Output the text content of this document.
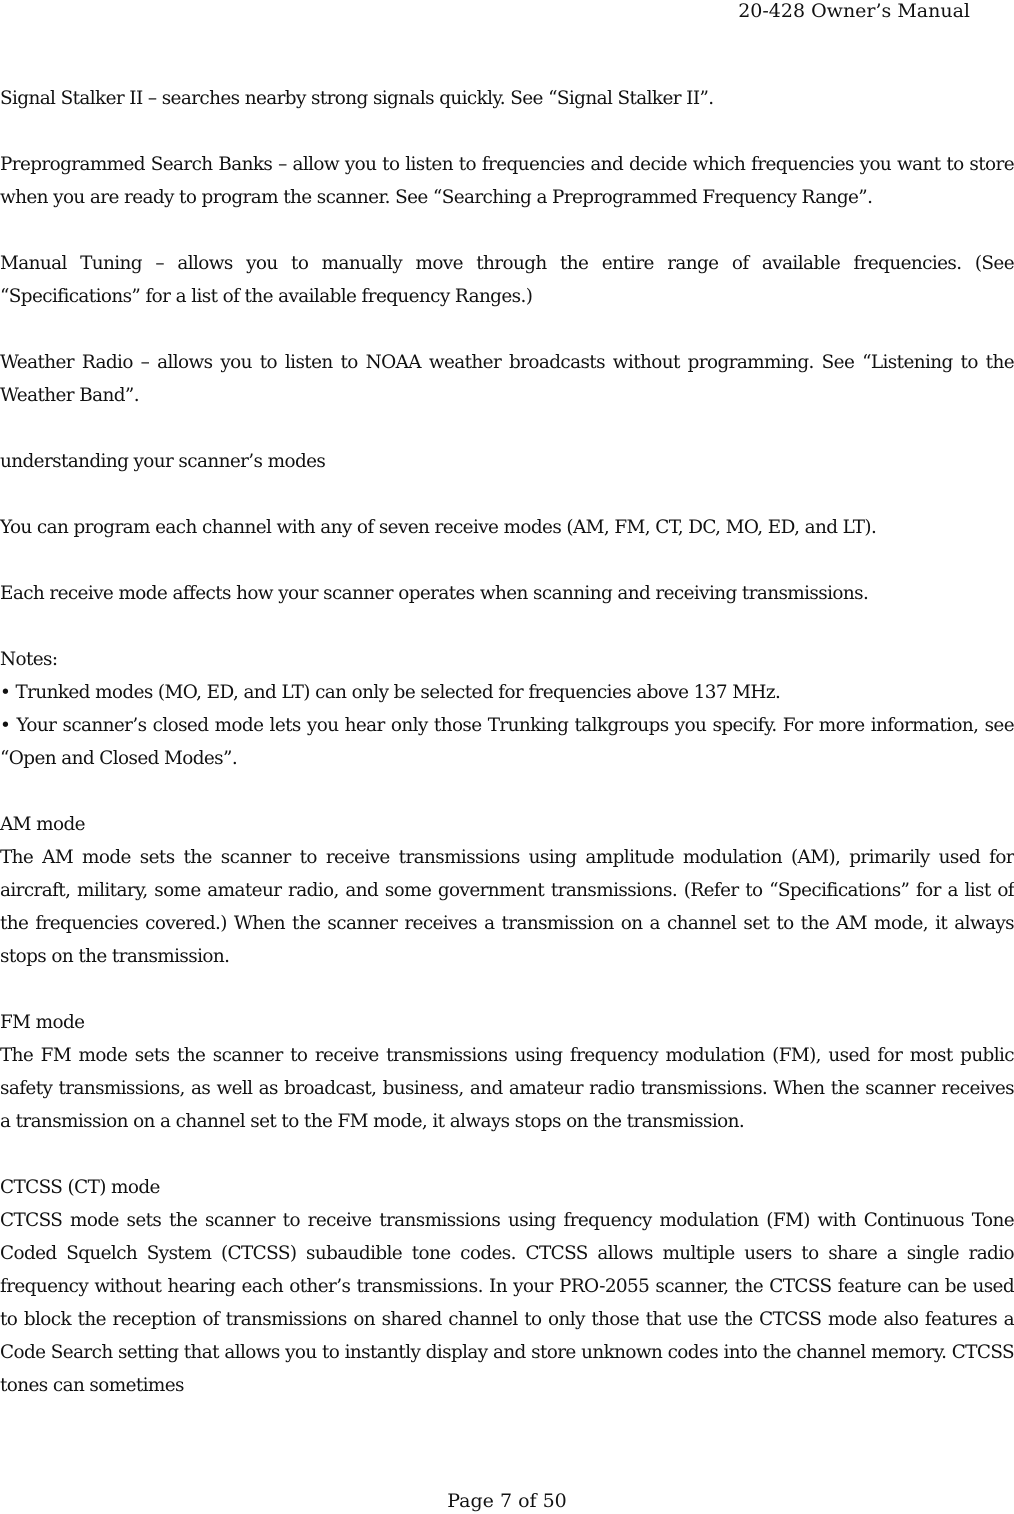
20-428 Owner’s Manual

Signal Stalker II – searches nearby strong signals quickly. See “Signal Stalker II”.

Preprogrammed Search Banks – allow you to listen to frequencies and decide which frequencies you want to store when you are ready to program the scanner. See “Searching a Preprogrammed Frequency Range”.

Manual Tuning – allows you to manually move through the entire range of available frequencies. (See “Specifications” for a list of the available frequency Ranges.)

Weather Radio – allows you to listen to NOAA weather broadcasts without programming. See “Listening to the Weather Band”.

understanding your scanner’s modes

You can program each channel with any of seven receive modes (AM, FM, CT, DC, MO, ED, and LT).

Each receive mode affects how your scanner operates when scanning and receiving transmissions.

Notes:

• Trunked modes (MO, ED, and LT) can only be selected for frequencies above 137 MHz.

• Your scanner’s closed mode lets you hear only those Trunking talkgroups you specify. For more information, see “Open and Closed Modes”.

AM mode

The AM mode sets the scanner to receive transmissions using amplitude modulation (AM), primarily used for aircraft, military, some amateur radio, and some government transmissions. (Refer to “Specifications” for a list of the frequencies covered.) When the scanner receives a transmission on a channel set to the AM mode, it always stops on the transmission.

FM mode

The FM mode sets the scanner to receive transmissions using frequency modulation (FM), used for most public safety transmissions, as well as broadcast, business, and amateur radio transmissions. When the scanner receives a transmission on a channel set to the FM mode, it always stops on the transmission.

CTCSS (CT) mode

CTCSS mode sets the scanner to receive transmissions using frequency modulation (FM) with Continuous Tone Coded Squelch System (CTCSS) subaudible tone codes. CTCSS allows multiple users to share a single radio frequency without hearing each other’s transmissions. In your PRO-2055 scanner, the CTCSS feature can be used to block the reception of transmissions on shared channel to only those that use the CTCSS mode also features a Code Search setting that allows you to instantly display and store unknown codes into the channel memory. CTCSS tones can sometimes

Page 7 of 50
